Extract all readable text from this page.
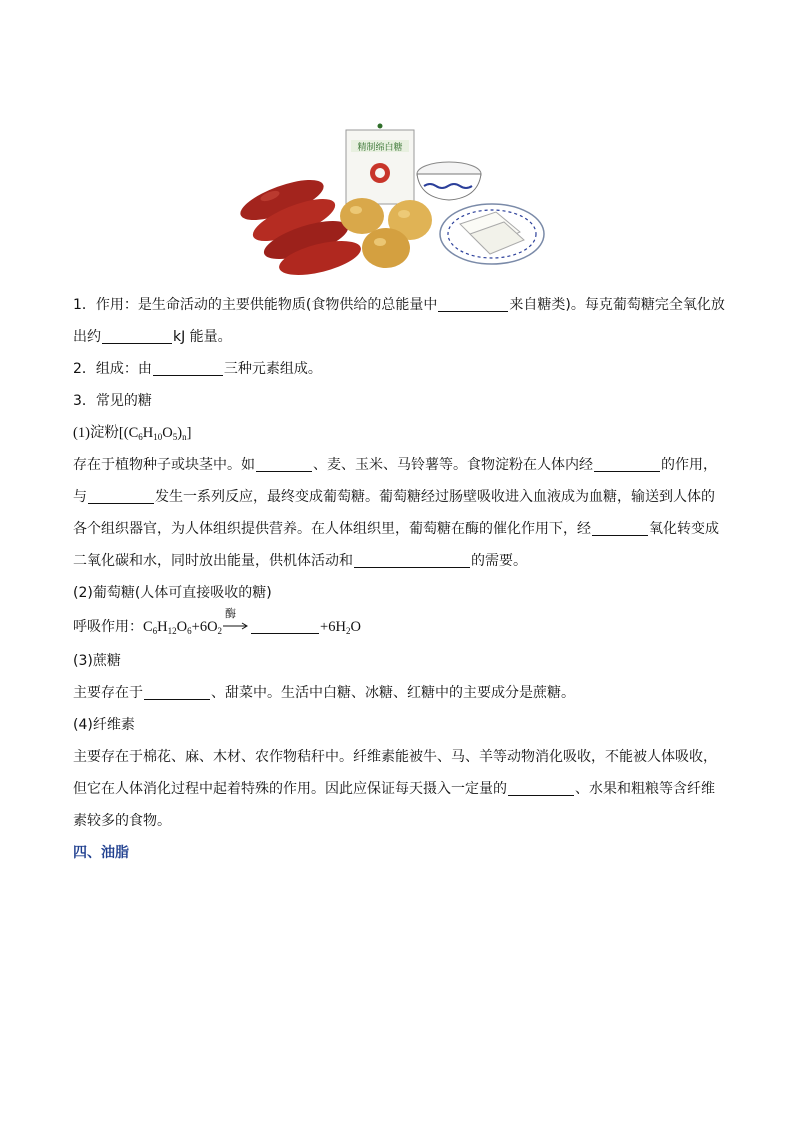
精制绵白糖
1．作用：是生命活动的主要供能物质(食物供给的总能量中	来自糖类)。每克葡萄糖完全氧化放
出约	kJ 能量。
2．组成：由	三种元素组成。
3．常见的糖
(1)淀粉$[(C_6H_{10}O_5)_n]$
存在于植物种子或块茎中。如	、麦、玉米、马铃薯等。食物淀粉在人体内经	的作用，
与	发生一系列反应，最终变成葡萄糖。葡萄糖经过肠壁吸收进入血液成为血糖，输送到人体的
各个组织器官，为人体组织提供营养。在人体组织里，葡萄糖在酶的催化作用下，经	氧化转变成
二氧化碳和水，同时放出能量，供机体活动和	的需要。
(2)葡萄糖(人体可直接吸收的糖)
呼吸作用：$C_6H_{12}O_6+6O_2$
酶
$+6H_2O$
(3)蔗糖
主要存在于	、甜菜中。生活中白糖、冰糖、红糖中的主要成分是蔗糖。
(4)纤维素
主要存在于棉花、麻、木材、农作物秸秆中。纤维素能被牛、马、羊等动物消化吸收，不能被人体吸收，
但它在人体消化过程中起着特殊的作用。因此应保证每天摄入一定量的	、水果和粗粮等含纤维
素较多的食物。
四、油脂
